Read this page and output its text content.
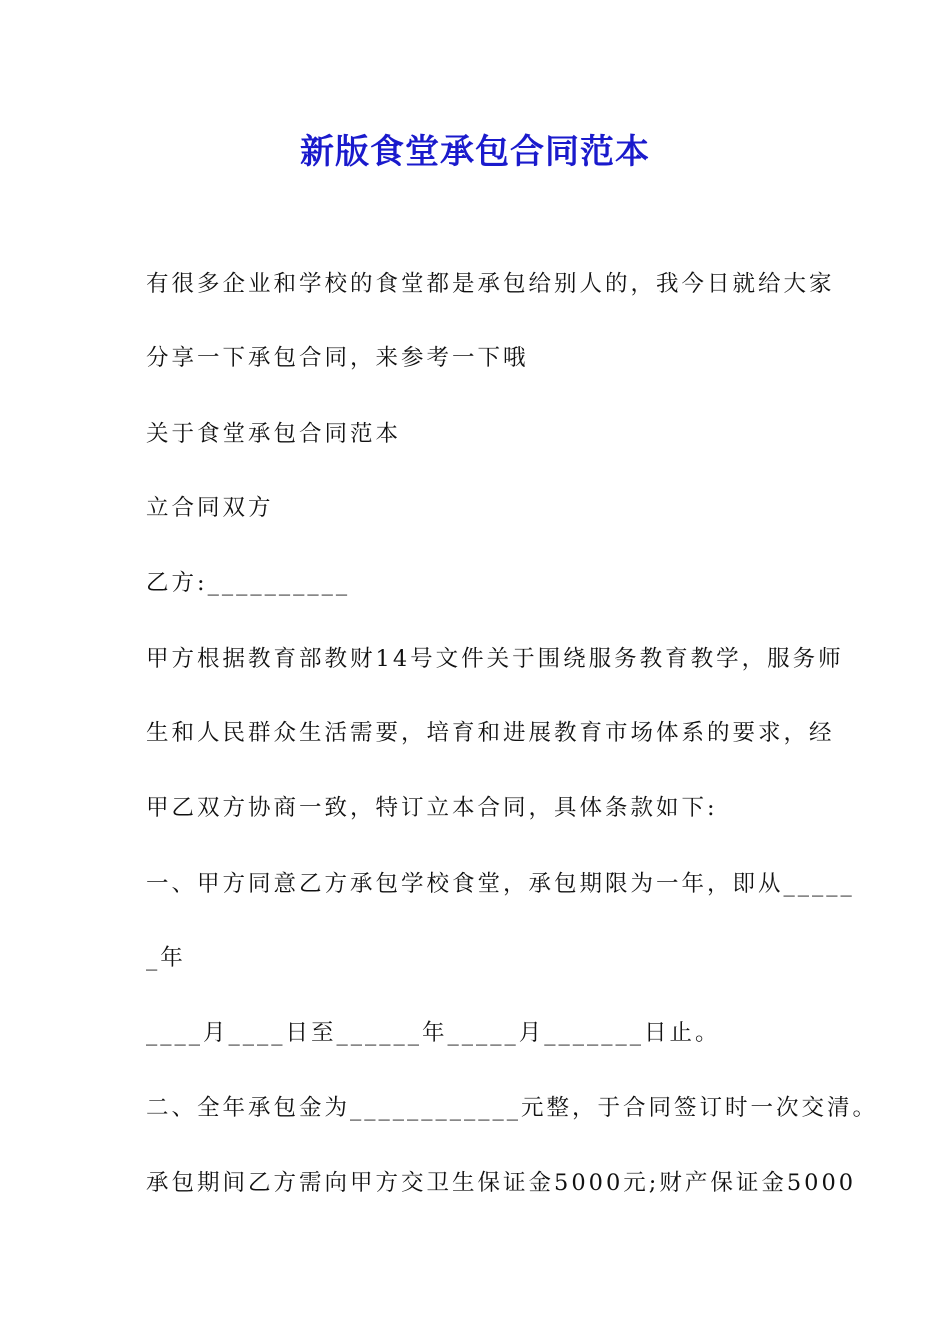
新版食堂承包合同范本
有很多企业和学校的食堂都是承包给别人的，我今日就给大家
分享一下承包合同，来参考一下哦
关于食堂承包合同范本
立合同双方
乙方:__________
甲方根据教育部教财14号文件关于围绕服务教育教学，服务师
生和人民群众生活需要，培育和进展教育市场体系的要求，经
甲乙双方协商一致，特订立本合同，具体条款如下:
一、甲方同意乙方承包学校食堂，承包期限为一年，即从_____
_年
____月____日至______年_____月_______日止。
二、全年承包金为____________元整，于合同签订时一次交清。
承包期间乙方需向甲方交卫生保证金5000元;财产保证金5000
